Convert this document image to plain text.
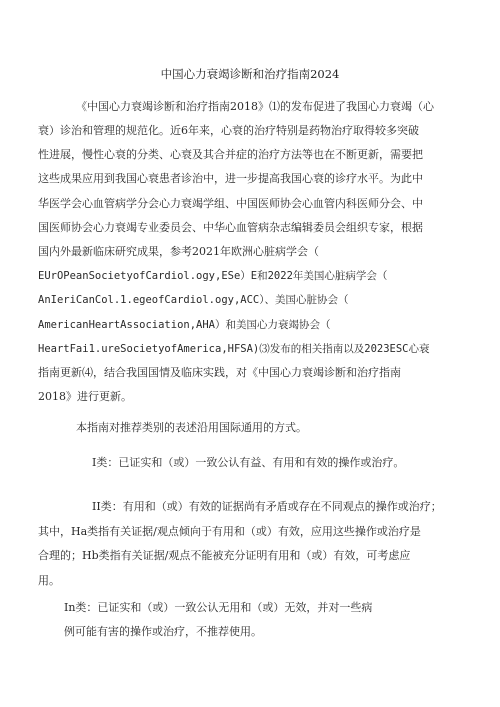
中国心力衰竭诊断和治疗指南2024
《中国心力衰竭诊断和治疗指南2018》⑴的发布促进了我国心力衰竭（心
衰）诊治和管理的规范化。近6年来，心衰的治疗特别是药物治疗取得较多突破
性进展，慢性心衰的分类、心衰及其合并症的治疗方法等也在不断更新，需要把
这些成果应用到我国心衰患者诊治中，进一步提高我国心衰的诊疗水平。为此中
华医学会心血管病学分会心力衰竭学组、中国医师协会心血管内科医师分会、中
国医师协会心力衰竭专业委员会、中华心血管病杂志编辑委员会组织专家，根据
国内外最新临床研究成果，参考2021年欧洲心脏病学会（
EUrOPeanSocietyofCardiol.ogy,ESe）E和2022年美国心脏病学会（
AnIeriCanCol.1.egeofCardiol.ogy,ACC）、美国心脏协会（
AmericanHeartAssociation,AHA）和美国心力衰竭协会（
HeartFai1.ureSocietyofAmerica,HFSA)⑶发布的相关指南以及2023ESC心衰
指南更新⑷，结合我国国情及临床实践，对《中国心力衰竭诊断和治疗指南
2018》进行更新。
本指南对推荐类别的表述沿用国际通用的方式。
I类：已证实和（或）一致公认有益、有用和有效的操作或治疗。
II类：有用和（或）有效的证据尚有矛盾或存在不同观点的操作或治疗；
其中，Ha类指有关证据/观点倾向于有用和（或）有效，应用这些操作或治疗是
合理的；Hb类指有关证据/观点不能被充分证明有用和（或）有效，可考虑应
用。
In类：已证实和（或）一致公认无用和（或）无效，并对一些病
例可能有害的操作或治疗，不推荐使用。
